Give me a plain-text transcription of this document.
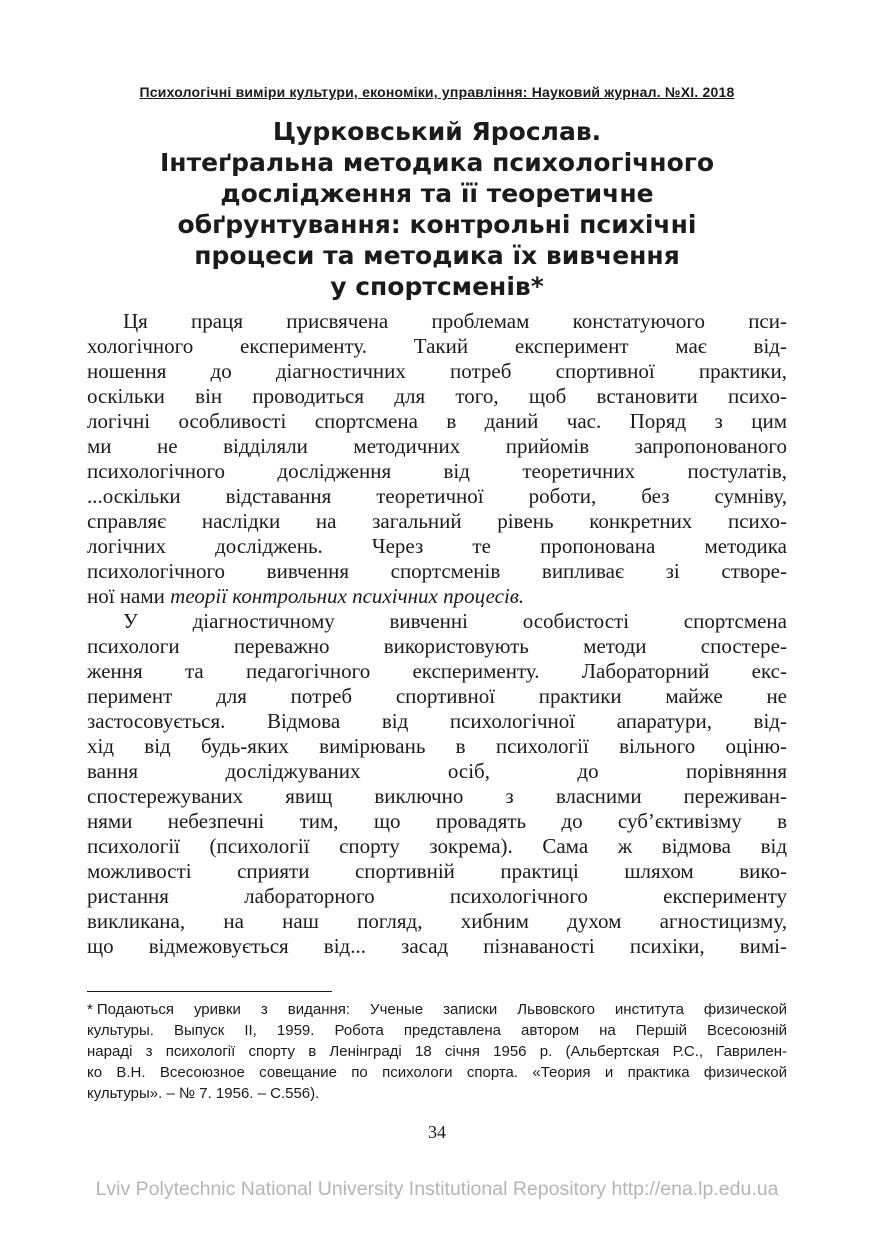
Психологічні виміри культури, економіки, управління: Науковий журнал. №XI. 2018
Цурковський Ярослав.
Інтеґральна методика психологічного
дослідження та її теоретичне
обґрунтування: контрольні психічні
процеси та методика їх вивчення
у спортсменів*
Ця праця присвячена проблемам констатуючого пси-
хологічного експерименту. Такий експеримент має від-
ношення до діагностичних потреб спортивної практики,
оскільки він проводиться для того, щоб встановити психо-
логічні особливості спортсмена в даний час. Поряд з цим
ми не відділяли методичних прийомів запропонованого
психологічного дослідження від теоретичних постулатів,
...оскільки відставання теоретичної роботи, без сумніву,
справляє наслідки на загальний рівень конкретних психо-
логічних досліджень. Через те пропонована методика
психологічного вивчення спортсменів випливає зі створе-
ної нами теорії контрольних психічних процесів.
У діагностичному вивченні особистості спортсмена
психологи переважно використовують методи спостере-
ження та педагогічного експерименту. Лабораторний екс-
перимент для потреб спортивної практики майже не
застосовується. Відмова від психологічної апаратури, від-
хід від будь-яких вимірювань в психології вільного оціню-
вання досліджуваних осіб, до порівняння
спостережуваних явищ виключно з власними переживан-
нями небезпечні тим, що провадять до суб’єктивізму в
психології (психології спорту зокрема). Сама ж відмова від
можливості сприяти спортивній практиці шляхом вико-
ристання лабораторного психологічного експерименту
викликана, на наш погляд, хибним духом агностицизму,
що відмежовується від... засад пізнаваності психіки, вимі-
* Подаються уривки з видання: Ученые записки Львовского института физической
культуры. Выпуск II, 1959. Робота представлена автором на Першій Всесоюзній
нараді з психології спорту в Ленінграді 18 січня 1956 р. (Альбертская Р.С., Гаврилен-
ко В.Н. Всесоюзное совещание по психологи спорта. «Теория и практика физической
культуры». – № 7. 1956. – С.556).
34
Lviv Polytechnic National University Institutional Repository http://ena.lp.edu.ua
